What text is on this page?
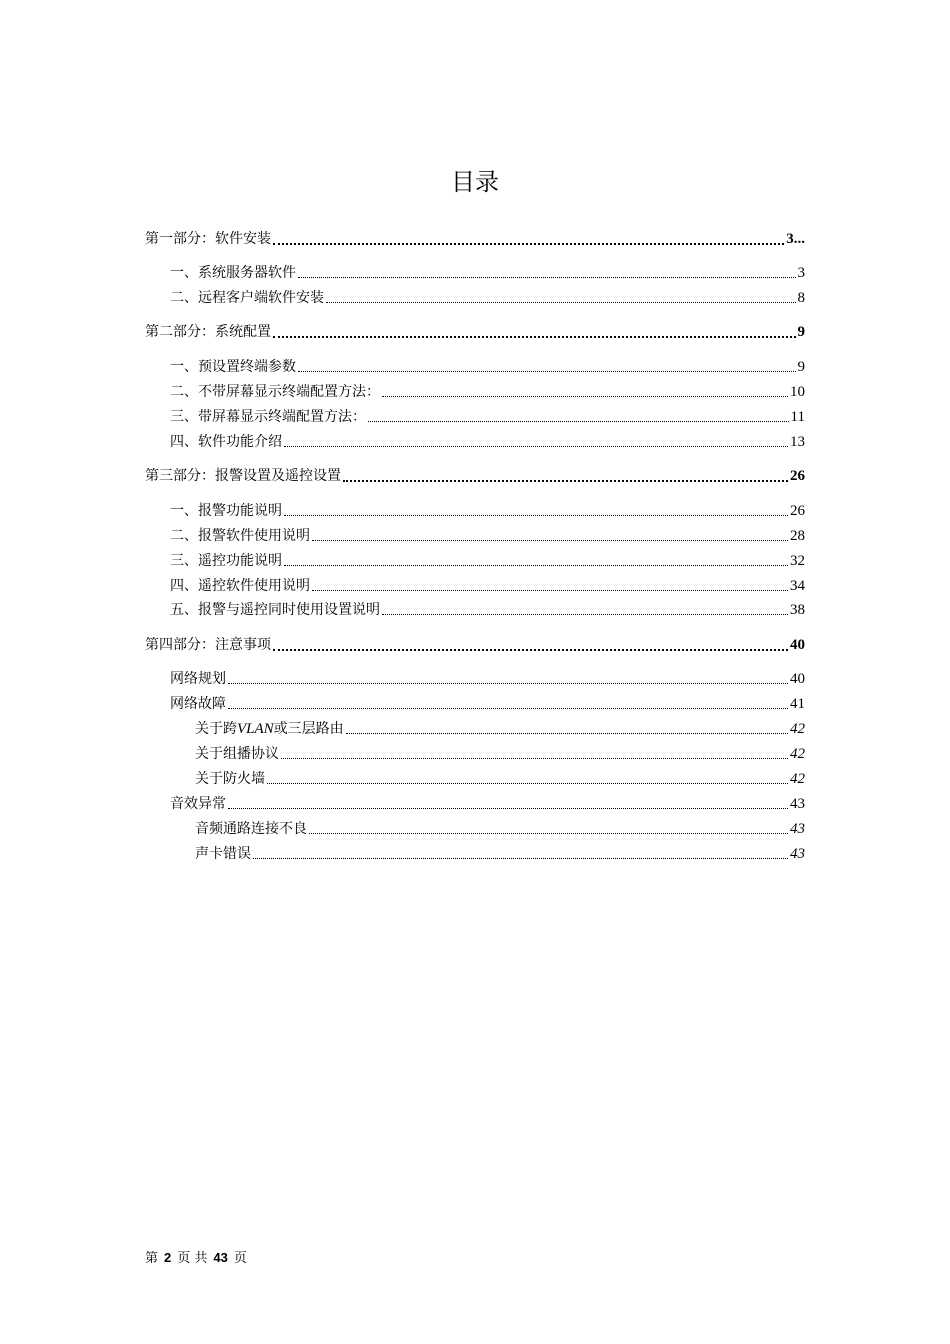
目录
第一部分：软件安装	3...
一、系统服务器软件	3
二、远程客户端软件安装	8
第二部分：系统配置	9
一、预设置终端参数	9
二、不带屏幕显示终端配置方法：	10
三、带屏幕显示终端配置方法：	11
四、软件功能介绍	13
第三部分：报警设置及遥控设置	26
一、报警功能说明	26
二、报警软件使用说明	28
三、遥控功能说明	32
四、遥控软件使用说明	34
五、报警与遥控同时使用设置说明	38
第四部分：注意事项	40
网络规划	40
网络故障	41
关于跨VLAN或三层路由	42
关于组播协议	42
关于防火墙	42
音效异常	43
音频通路连接不良	43
声卡错误	43
第 2 页 共 43 页
